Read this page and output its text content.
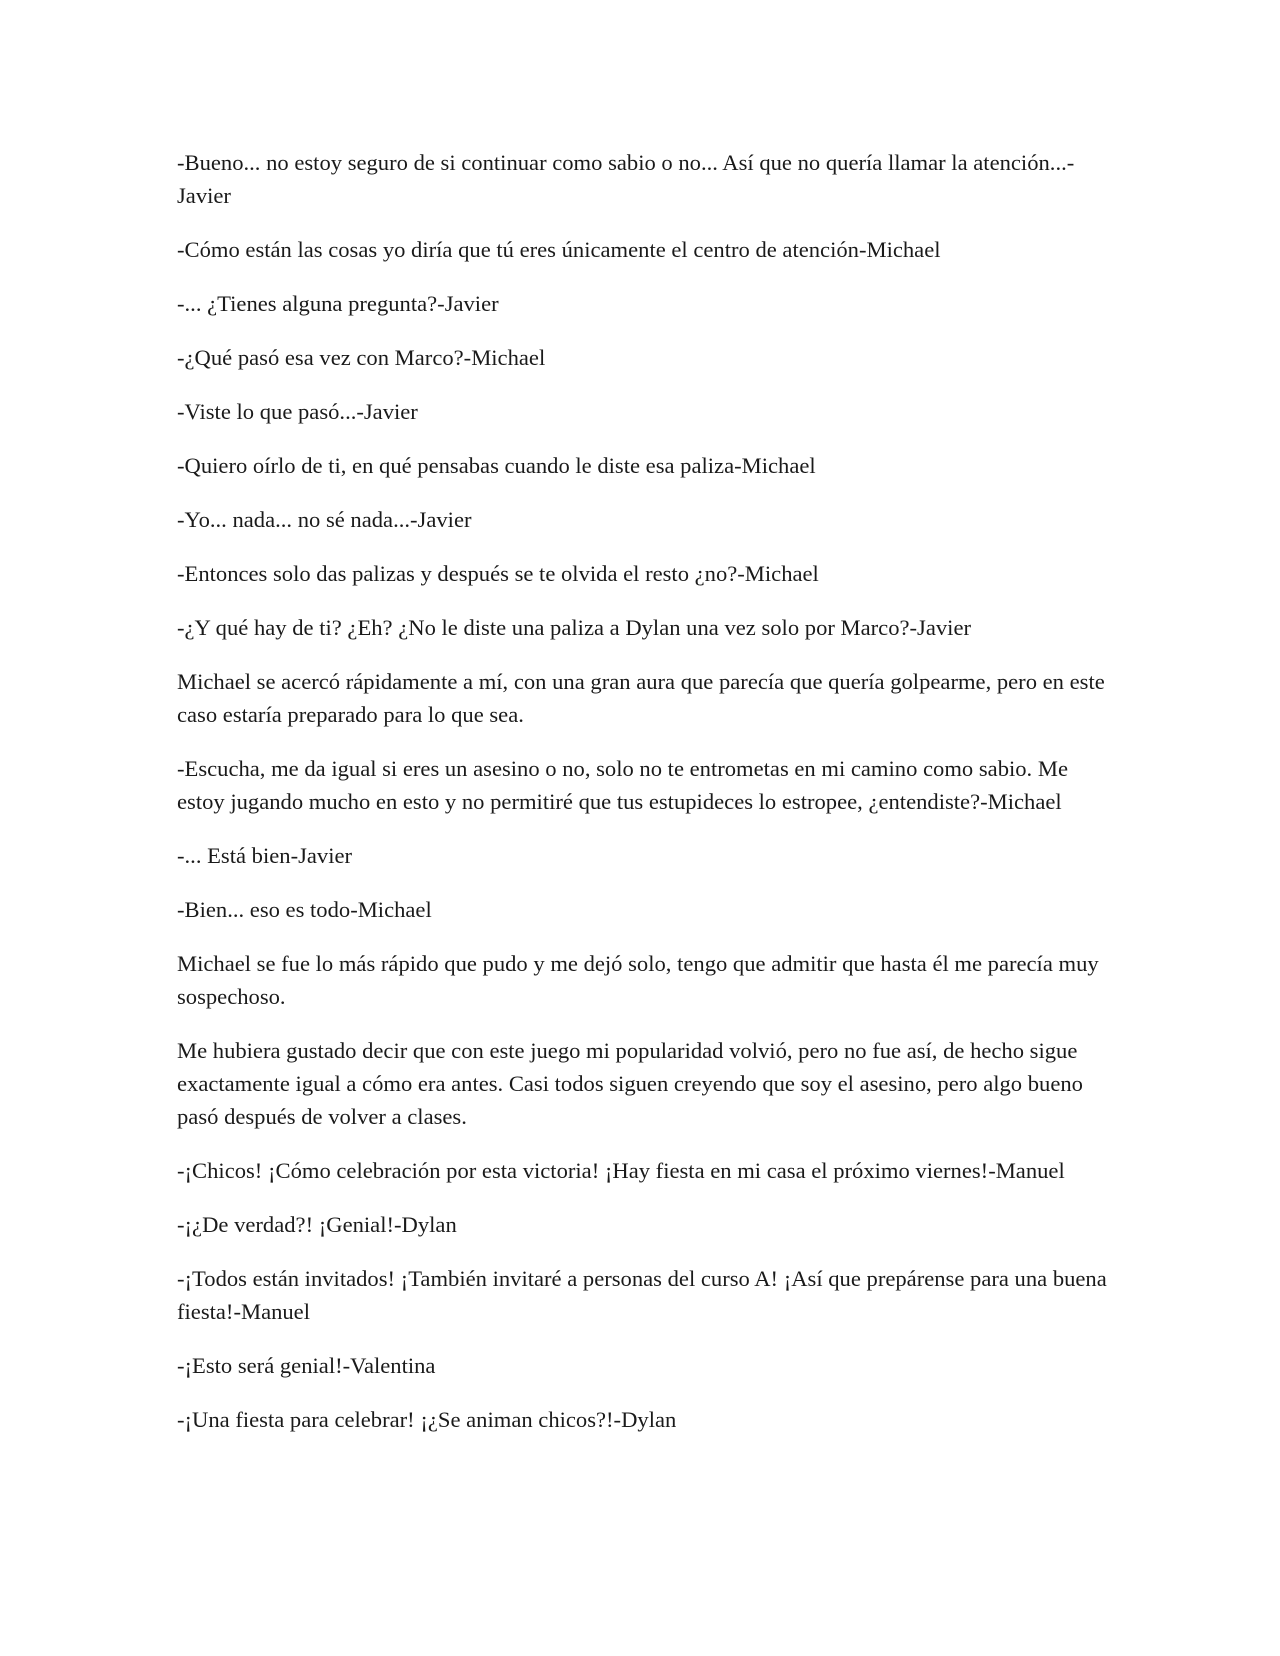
-Bueno... no estoy seguro de si continuar como sabio o no... Así que no quería llamar la atención...-Javier

-Cómo están las cosas yo diría que tú eres únicamente el centro de atención-Michael

-... ¿Tienes alguna pregunta?-Javier

-¿Qué pasó esa vez con Marco?-Michael

-Viste lo que pasó...-Javier

-Quiero oírlo de ti, en qué pensabas cuando le diste esa paliza-Michael

-Yo... nada... no sé nada...-Javier

-Entonces solo das palizas y después se te olvida el resto ¿no?-Michael

-¿Y qué hay de ti? ¿Eh? ¿No le diste una paliza a Dylan una vez solo por Marco?-Javier

Michael se acercó rápidamente a mí, con una gran aura que parecía que quería golpearme, pero en este caso estaría preparado para lo que sea.

-Escucha, me da igual si eres un asesino o no, solo no te entrometas en mi camino como sabio. Me estoy jugando mucho en esto y no permitiré que tus estupideces lo estropee, ¿entendiste?-Michael

-... Está bien-Javier

-Bien... eso es todo-Michael

Michael se fue lo más rápido que pudo y me dejó solo, tengo que admitir que hasta él me parecía muy sospechoso.

Me hubiera gustado decir que con este juego mi popularidad volvió, pero no fue así, de hecho sigue exactamente igual a cómo era antes. Casi todos siguen creyendo que soy el asesino, pero algo bueno pasó después de volver a clases.

-¡Chicos! ¡Cómo celebración por esta victoria! ¡Hay fiesta en mi casa el próximo viernes!-Manuel

-¡¿De verdad?! ¡Genial!-Dylan

-¡Todos están invitados! ¡También invitaré a personas del curso A! ¡Así que prepárense para una buena fiesta!-Manuel

-¡Esto será genial!-Valentina

-¡Una fiesta para celebrar! ¡¿Se animan chicos?!-Dylan
